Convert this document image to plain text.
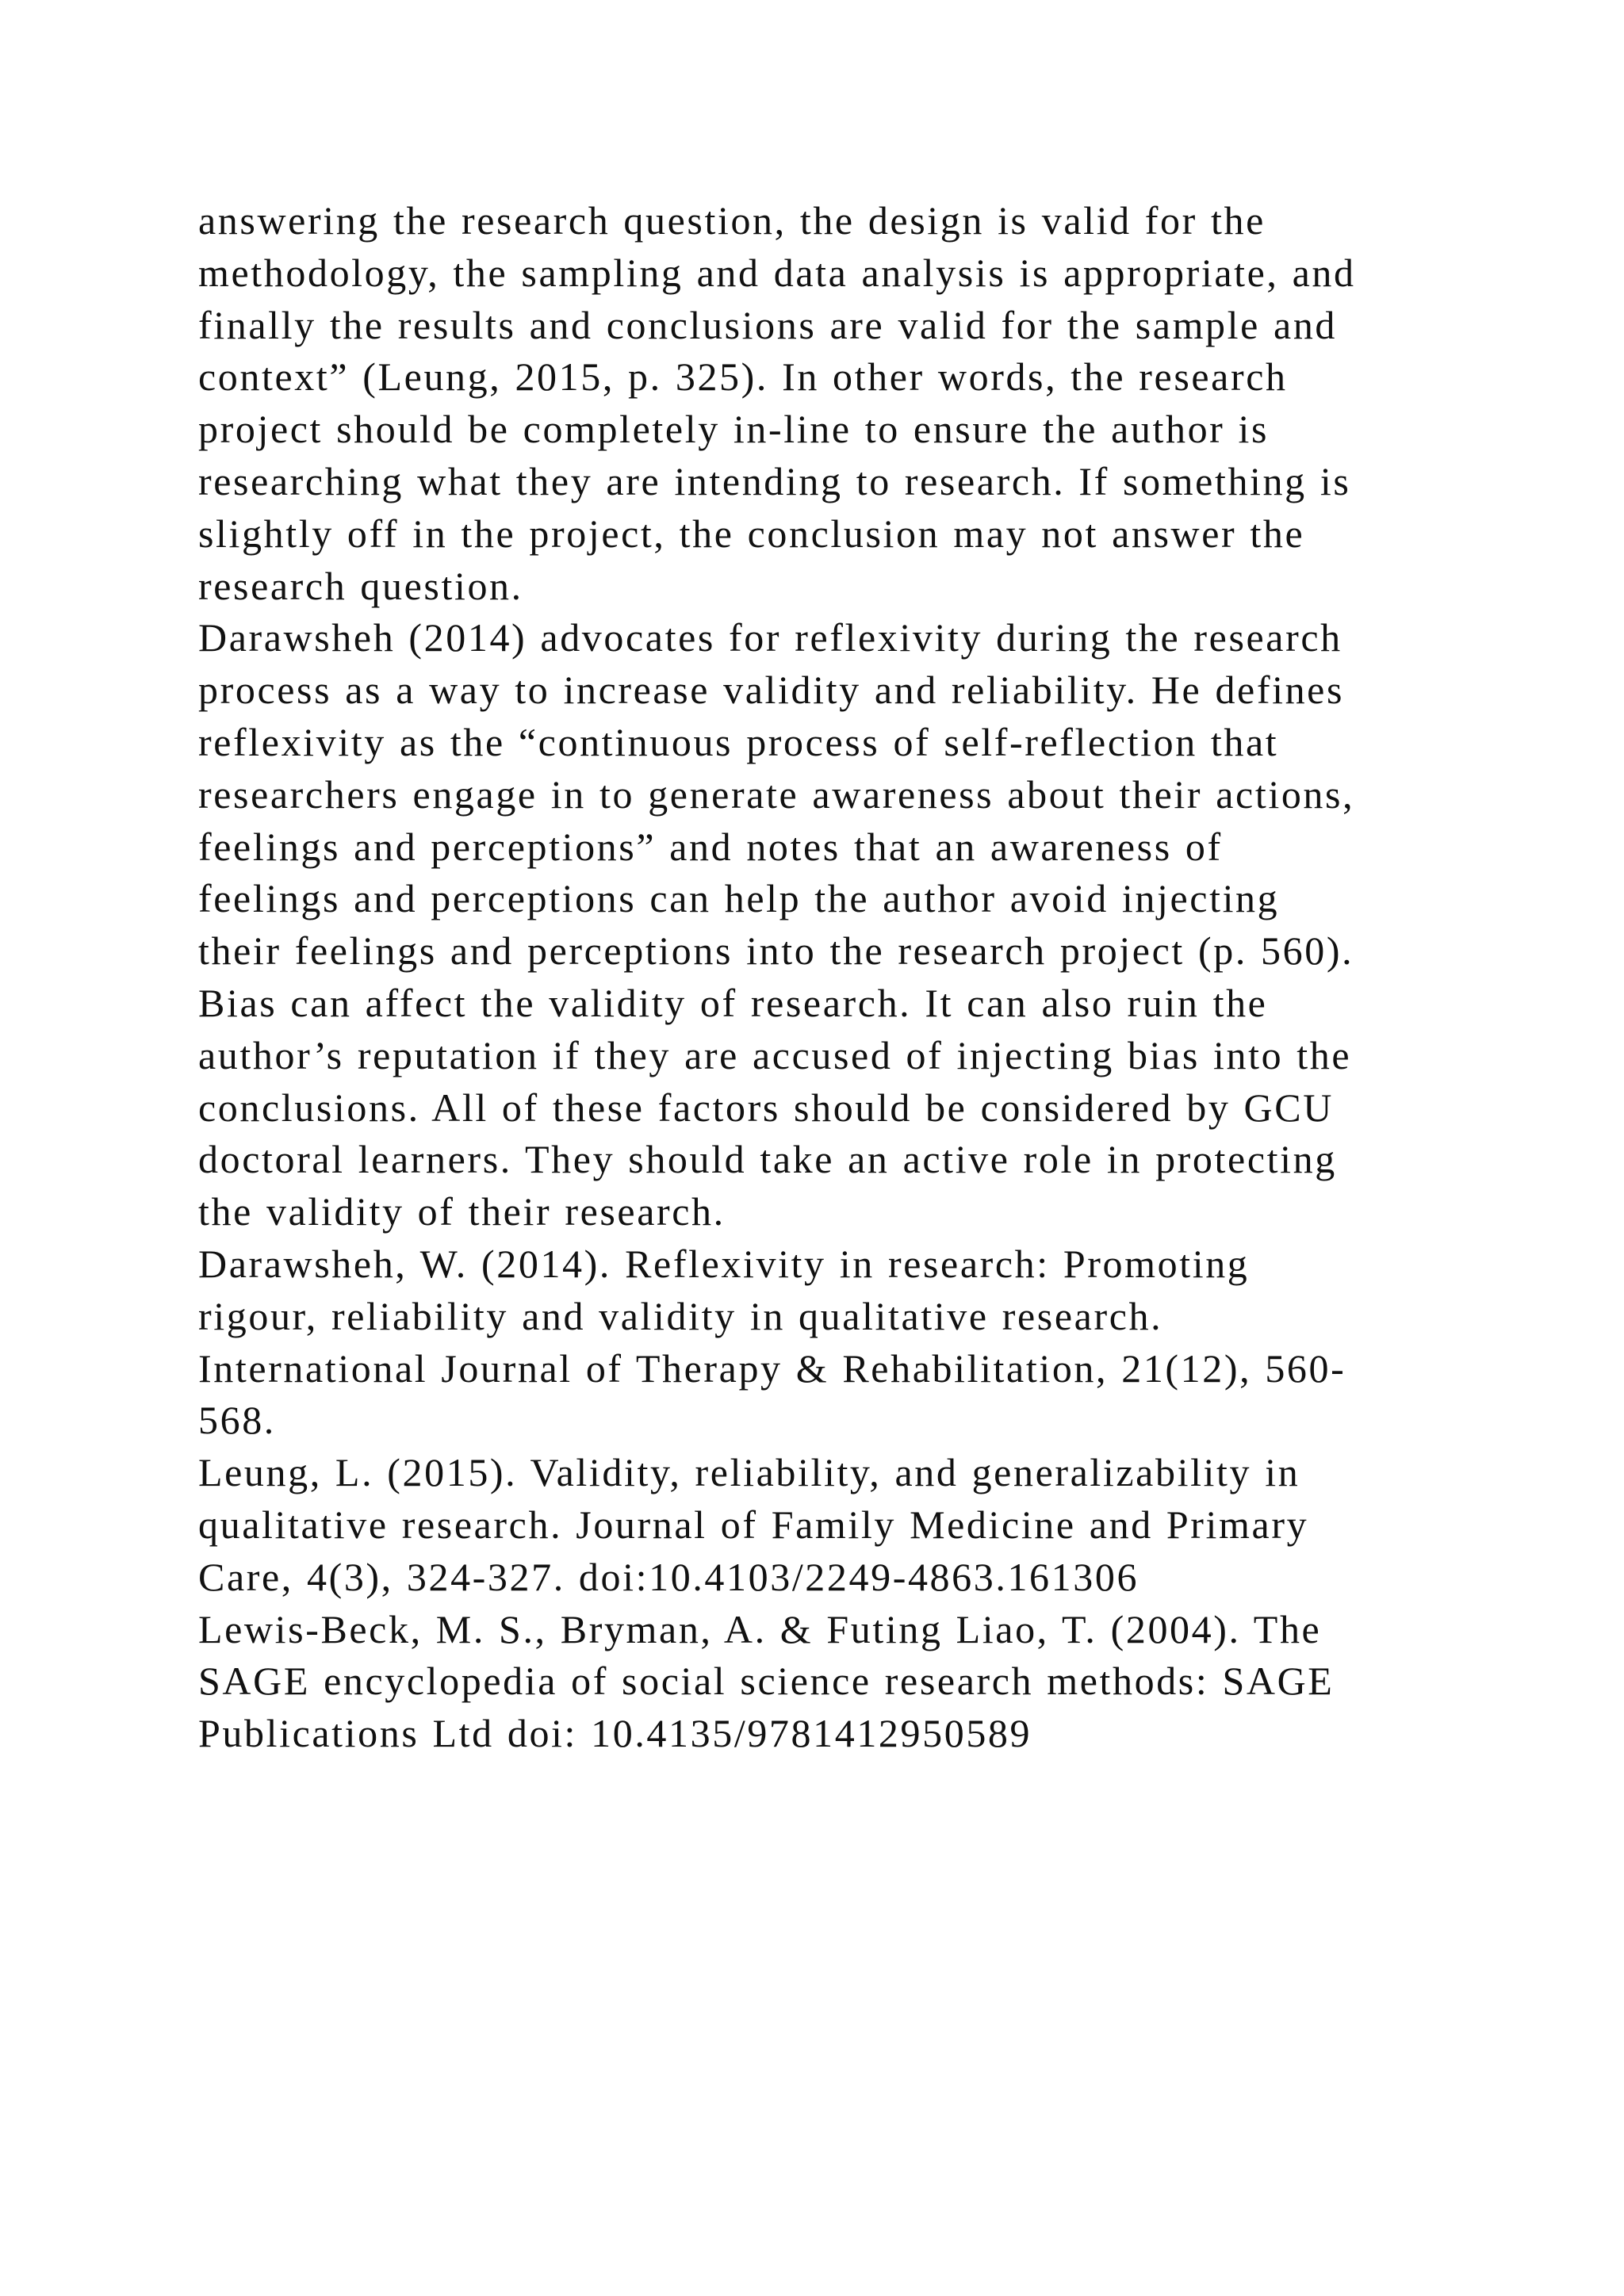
answering the research question, the design is valid for the
methodology, the sampling and data analysis is appropriate, and
finally the results and conclusions are valid for the sample and
context” (Leung, 2015, p. 325). In other words, the research
project should be completely in-line to ensure the author is
researching what they are intending to research. If something is
slightly off in the project, the conclusion may not answer the
research question.
Darawsheh (2014) advocates for reflexivity during the research
process as a way to increase validity and reliability. He defines
reflexivity as the “continuous process of self-reflection that
researchers engage in to generate awareness about their actions,
feelings and perceptions” and notes that an awareness of
feelings and perceptions can help the author avoid injecting
their feelings and perceptions into the research project (p. 560).
Bias can affect the validity of research. It can also ruin the
author’s reputation if they are accused of injecting bias into the
conclusions. All of these factors should be considered by GCU
doctoral learners. They should take an active role in protecting
the validity of their research.
Darawsheh, W. (2014). Reflexivity in research: Promoting
rigour, reliability and validity in qualitative research.
International Journal of Therapy & Rehabilitation, 21(12), 560-
568.
Leung, L. (2015). Validity, reliability, and generalizability in
qualitative research. Journal of Family Medicine and Primary
Care, 4(3), 324-327. doi:10.4103/2249-4863.161306
Lewis-Beck, M. S., Bryman, A. & Futing Liao, T. (2004). The
SAGE encyclopedia of social science research methods: SAGE
Publications Ltd doi: 10.4135/9781412950589
